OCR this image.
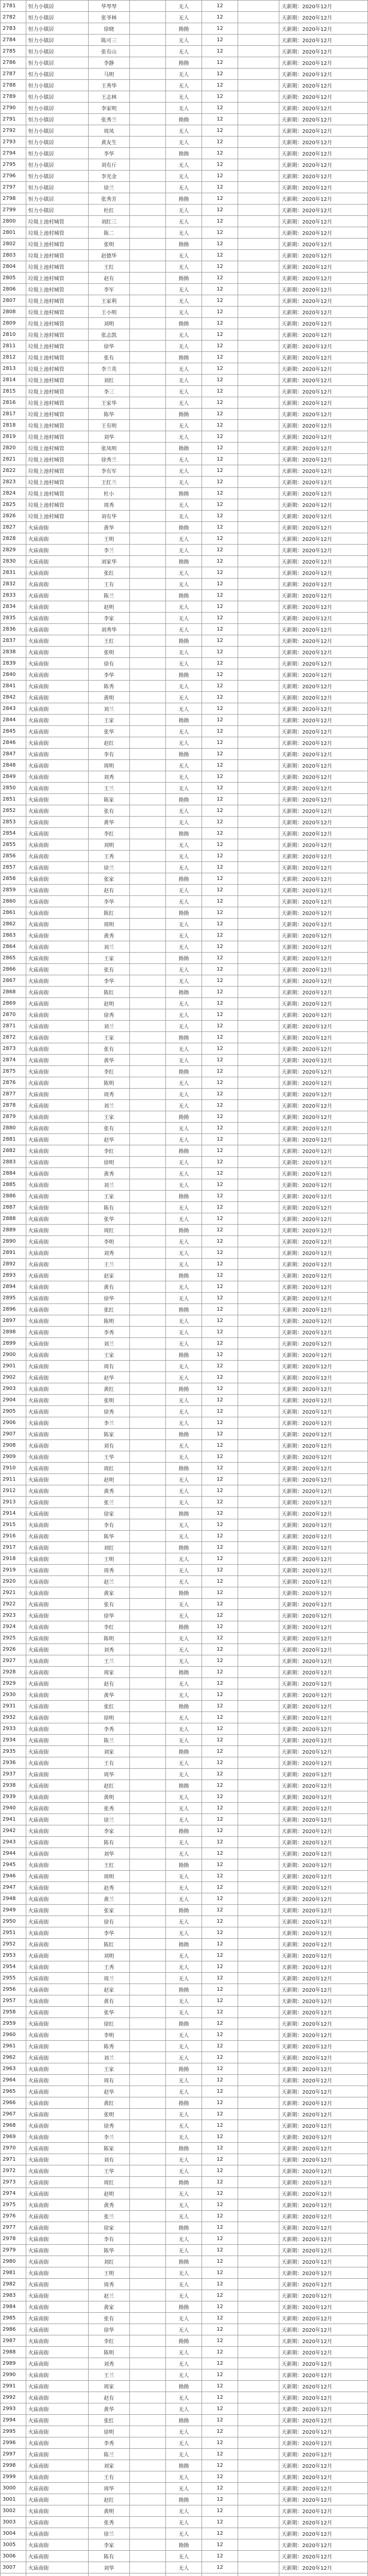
2781	恒力小镇居	华琴琴		无人	12		天新期：2020年12月
2782	恒力小镇居	张爷林		无人	12		天新期：2020年12月
2783	恒力小镇居	徐晓		拗拗	12		天新期：2020年12月
2784	恒力小镇居	陈可三		无人	12		天新期：2020年12月
2785	恒力小镇居	张有山		无人	12		天新期：2020年12月
2786	恒力小镇居	李静		拗拗	12		天新期：2020年12月
2787	恒力小镇居	马明		无人	12		天新期：2020年12月
2788	恒力小镇居	王秀华		无人	12		天新期：2020年12月
2789	恒力小镇居	王志林		无人	12		天新期：2020年12月
2790	恒力小镇居	李家明		无人	12		天新期：2020年12月
2791	恒力小镇居	张秀兰		拗拗	12		天新期：2020年12月
2792	恒力小镇居	周凤		无人	12		天新期：2020年12月
2793	恒力小镇居	黄友生		无人	12		天新期：2020年12月
2794	恒力小镇居	李华		拗拗	12		天新期：2020年12月
2795	恒力小镇居	刘有斤		无人	12		天新期：2020年12月
2796	恒力小镇居	李光金		无人	12		天新期：2020年12月
2797	恒力小镇居	徐兰		无人	12		天新期：2020年12月
2798	恒力小镇居	张秀芳		拗拗	12		天新期：2020年12月
2799	恒力小镇居	杜红		无人	12		天新期：2020年12月
2800	垃圾上池村城管	刘红三		无人	12		天新期：2020年12月
2801	垃圾上池村城管	陈二		无人	12		天新期：2020年12月
2802	垃圾上池村城管	张明		拗拗	12		天新期：2020年12月
2803	垃圾上池村城管	赵德华		无人	12		天新期：2020年12月
2804	垃圾上池村城管	王红		无人	12		天新期：2020年12月
2805	垃圾上池村城管	赵有		拗拗	12		天新期：2020年12月
2806	垃圾上池村城管	李军		无人	12		天新期：2020年12月
2807	垃圾上池村城管	王家利		无人	12		天新期：2020年12月
2808	垃圾上池村城管	王小明		无人	12		天新期：2020年12月
2809	垃圾上池村城管	刘明		拗拗	12		天新期：2020年12月
2810	垃圾上池村城管	张志凯		无人	12		天新期：2020年12月
2811	垃圾上池村城管	徐华		无人	12		天新期：2020年12月
2812	垃圾上池村城管	张有		拗拗	12		天新期：2020年12月
2813	垃圾上池村城管	李兰英		无人	12		天新期：2020年12月
2814	垃圾上池村城管	刘红		无人	12		天新期：2020年12月
2815	垃圾上池村城管	李三		无人	12		天新期：2020年12月
2816	垃圾上池村城管	王家华		无人	12		天新期：2020年12月
2817	垃圾上池村城管	陈华		拗拗	12		天新期：2020年12月
2818	垃圾上池村城管	王有明		无人	12		天新期：2020年12月
2819	垃圾上池村城管	刘华		无人	12		天新期：2020年12月
2820	垃圾上池村城管	张凤明		拗拗	12		天新期：2020年12月
2821	垃圾上池村城管	徐秀兰		无人	12		天新期：2020年12月
2822	垃圾上池村城管	李有军		无人	12		天新期：2020年12月
2823	垃圾上池村城管	王红兰		无人	12		天新期：2020年12月
2824	垃圾上池村城管	杜小		拗拗	12		天新期：2020年12月
2825	垃圾上池村城管	周秀		无人	12		天新期：2020年12月
2826	垃圾上池村城管	刘有华		无人	12		天新期：2020年12月
2827	火庙南街	黄华		拗拗	12		天新期：2020年12月
2828	火庙南街	王明		无人	12		天新期：2020年12月
2829	火庙南街	李兰		无人	12		天新期：2020年12月
2830	火庙南街	刘家华		拗拗	12		天新期：2020年12月
2831	火庙南街	张红		无人	12		天新期：2020年12月
2832	火庙南街	王有		无人	12		天新期：2020年12月
2833	火庙南街	陈兰		拗拗	12		天新期：2020年12月
2834	火庙南街	赵明		无人	12		天新期：2020年12月
2835	火庙南街	李家		无人	12		天新期：2020年12月
2836	火庙南街	刘秀华		无人	12		天新期：2020年12月
2837	火庙南街	王红		拗拗	12		天新期：2020年12月
2838	火庙南街	张明		无人	12		天新期：2020年12月
2839	火庙南街	徐有		无人	12		天新期：2020年12月
2840	火庙南街	李华		拗拗	12		天新期：2020年12月
2841	火庙南街	陈秀		无人	12		天新期：2020年12月
2842	火庙南街	黄明		无人	12		天新期：2020年12月
2843	火庙南街	刘兰		无人	12		天新期：2020年12月
2844	火庙南街	王家		拗拗	12		天新期：2020年12月
2845	火庙南街	张华		无人	12		天新期：2020年12月
2846	火庙南街	赵红		无人	12		天新期：2020年12月
2847	火庙南街	李有		拗拗	12		天新期：2020年12月
2848	火庙南街	周明		无人	12		天新期：2020年12月
2849	火庙南街	刘秀		无人	12		天新期：2020年12月
2850	火庙南街	王兰		无人	12		天新期：2020年12月
2851	火庙南街	陈家		拗拗	12		天新期：2020年12月
2852	火庙南街	张有		无人	12		天新期：2020年12月
2853	火庙南街	黄华		无人	12		天新期：2020年12月
2854	火庙南街	李红		拗拗	12		天新期：2020年12月
2855	火庙南街	刘明		无人	12		天新期：2020年12月
2856	火庙南街	王秀		无人	12		天新期：2020年12月
2857	火庙南街	徐兰		无人	12		天新期：2020年12月
2858	火庙南街	张家		拗拗	12		天新期：2020年12月
2859	火庙南街	赵有		无人	12		天新期：2020年12月
2860	火庙南街	李华		无人	12		天新期：2020年12月
2861	火庙南街	陈红		拗拗	12		天新期：2020年12月
2862	火庙南街	周明		无人	12		天新期：2020年12月
2863	火庙南街	黄秀		无人	12		天新期：2020年12月
2864	火庙南街	刘兰		无人	12		天新期：2020年12月
2865	火庙南街	王家		拗拗	12		天新期：2020年12月
2866	火庙南街	张有		无人	12		天新期：2020年12月
2867	火庙南街	李华		无人	12		天新期：2020年12月
2868	火庙南街	陈红		拗拗	12		天新期：2020年12月
2869	火庙南街	赵明		无人	12		天新期：2020年12月
2870	火庙南街	徐秀		无人	12		天新期：2020年12月
2871	火庙南街	刘兰		无人	12		天新期：2020年12月
2872	火庙南街	王家		拗拗	12		天新期：2020年12月
2873	火庙南街	张有		无人	12		天新期：2020年12月
2874	火庙南街	黄华		无人	12		天新期：2020年12月
2875	火庙南街	李红		拗拗	12		天新期：2020年12月
2876	火庙南街	陈明		无人	12		天新期：2020年12月
2877	火庙南街	周秀		无人	12		天新期：2020年12月
2878	火庙南街	刘兰		无人	12		天新期：2020年12月
2879	火庙南街	王家		拗拗	12		天新期：2020年12月
2880	火庙南街	张有		无人	12		天新期：2020年12月
2881	火庙南街	赵华		无人	12		天新期：2020年12月
2882	火庙南街	李红		拗拗	12		天新期：2020年12月
2883	火庙南街	徐明		无人	12		天新期：2020年12月
2884	火庙南街	黄秀		无人	12		天新期：2020年12月
2885	火庙南街	刘兰		无人	12		天新期：2020年12月
2886	火庙南街	王家		拗拗	12		天新期：2020年12月
2887	火庙南街	陈有		无人	12		天新期：2020年12月
2888	火庙南街	张华		无人	12		天新期：2020年12月
2889	火庙南街	周红		拗拗	12		天新期：2020年12月
2890	火庙南街	李明		无人	12		天新期：2020年12月
2891	火庙南街	刘秀		无人	12		天新期：2020年12月
2892	火庙南街	王兰		无人	12		天新期：2020年12月
2893	火庙南街	赵家		拗拗	12		天新期：2020年12月
2894	火庙南街	黄有		无人	12		天新期：2020年12月
2895	火庙南街	徐华		无人	12		天新期：2020年12月
2896	火庙南街	张红		拗拗	12		天新期：2020年12月
2897	火庙南街	陈明		无人	12		天新期：2020年12月
2898	火庙南街	李秀		无人	12		天新期：2020年12月
2899	火庙南街	刘兰		无人	12		天新期：2020年12月
2900	火庙南街	王家		拗拗	12		天新期：2020年12月
2901	火庙南街	周有		无人	12		天新期：2020年12月
2902	火庙南街	赵华		无人	12		天新期：2020年12月
2903	火庙南街	黄红		拗拗	12		天新期：2020年12月
2904	火庙南街	张明		无人	12		天新期：2020年12月
2905	火庙南街	徐秀		无人	12		天新期：2020年12月
2906	火庙南街	李兰		无人	12		天新期：2020年12月
2907	火庙南街	陈家		拗拗	12		天新期：2020年12月
2908	火庙南街	刘有		无人	12		天新期：2020年12月
2909	火庙南街	王华		无人	12		天新期：2020年12月
2910	火庙南街	周红		拗拗	12		天新期：2020年12月
2911	火庙南街	赵明		无人	12		天新期：2020年12月
2912	火庙南街	黄秀		无人	12		天新期：2020年12月
2913	火庙南街	张兰		无人	12		天新期：2020年12月
2914	火庙南街	徐家		拗拗	12		天新期：2020年12月
2915	火庙南街	李有		无人	12		天新期：2020年12月
2916	火庙南街	陈华		无人	12		天新期：2020年12月
2917	火庙南街	刘红		拗拗	12		天新期：2020年12月
2918	火庙南街	王明		无人	12		天新期：2020年12月
2919	火庙南街	周秀		无人	12		天新期：2020年12月
2920	火庙南街	赵兰		无人	12		天新期：2020年12月
2921	火庙南街	黄家		拗拗	12		天新期：2020年12月
2922	火庙南街	张有		无人	12		天新期：2020年12月
2923	火庙南街	徐华		无人	12		天新期：2020年12月
2924	火庙南街	李红		拗拗	12		天新期：2020年12月
2925	火庙南街	陈明		无人	12		天新期：2020年12月
2926	火庙南街	刘秀		无人	12		天新期：2020年12月
2927	火庙南街	王兰		无人	12		天新期：2020年12月
2928	火庙南街	周家		拗拗	12		天新期：2020年12月
2929	火庙南街	赵有		无人	12		天新期：2020年12月
2930	火庙南街	黄华		无人	12		天新期：2020年12月
2931	火庙南街	张红		拗拗	12		天新期：2020年12月
2932	火庙南街	徐明		无人	12		天新期：2020年12月
2933	火庙南街	李秀		无人	12		天新期：2020年12月
2934	火庙南街	陈兰		无人	12		天新期：2020年12月
2935	火庙南街	刘家		拗拗	12		天新期：2020年12月
2936	火庙南街	王有		无人	12		天新期：2020年12月
2937	火庙南街	周华		无人	12		天新期：2020年12月
2938	火庙南街	赵红		拗拗	12		天新期：2020年12月
2939	火庙南街	黄明		无人	12		天新期：2020年12月
2940	火庙南街	张秀		无人	12		天新期：2020年12月
2941	火庙南街	徐兰		无人	12		天新期：2020年12月
2942	火庙南街	李家		拗拗	12		天新期：2020年12月
2943	火庙南街	陈有		无人	12		天新期：2020年12月
2944	火庙南街	刘华		无人	12		天新期：2020年12月
2945	火庙南街	王红		拗拗	12		天新期：2020年12月
2946	火庙南街	周明		无人	12		天新期：2020年12月
2947	火庙南街	赵秀		无人	12		天新期：2020年12月
2948	火庙南街	黄兰		无人	12		天新期：2020年12月
2949	火庙南街	张家		拗拗	12		天新期：2020年12月
2950	火庙南街	徐有		无人	12		天新期：2020年12月
2951	火庙南街	李华		无人	12		天新期：2020年12月
2952	火庙南街	陈红		拗拗	12		天新期：2020年12月
2953	火庙南街	刘明		无人	12		天新期：2020年12月
2954	火庙南街	王秀		无人	12		天新期：2020年12月
2955	火庙南街	周兰		无人	12		天新期：2020年12月
2956	火庙南街	赵家		拗拗	12		天新期：2020年12月
2957	火庙南街	黄有		无人	12		天新期：2020年12月
2958	火庙南街	张华		无人	12		天新期：2020年12月
2959	火庙南街	徐红		拗拗	12		天新期：2020年12月
2960	火庙南街	李明		无人	12		天新期：2020年12月
2961	火庙南街	陈秀		无人	12		天新期：2020年12月
2962	火庙南街	刘兰		无人	12		天新期：2020年12月
2963	火庙南街	王家		拗拗	12		天新期：2020年12月
2964	火庙南街	周有		无人	12		天新期：2020年12月
2965	火庙南街	赵华		无人	12		天新期：2020年12月
2966	火庙南街	黄红		拗拗	12		天新期：2020年12月
2967	火庙南街	张明		无人	12		天新期：2020年12月
2968	火庙南街	徐秀		无人	12		天新期：2020年12月
2969	火庙南街	李兰		无人	12		天新期：2020年12月
2970	火庙南街	陈家		拗拗	12		天新期：2020年12月
2971	火庙南街	刘有		无人	12		天新期：2020年12月
2972	火庙南街	王华		无人	12		天新期：2020年12月
2973	火庙南街	周红		拗拗	12		天新期：2020年12月
2974	火庙南街	赵明		无人	12		天新期：2020年12月
2975	火庙南街	黄秀		无人	12		天新期：2020年12月
2976	火庙南街	张兰		无人	12		天新期：2020年12月
2977	火庙南街	徐家		拗拗	12		天新期：2020年12月
2978	火庙南街	李有		无人	12		天新期：2020年12月
2979	火庙南街	陈华		无人	12		天新期：2020年12月
2980	火庙南街	刘红		拗拗	12		天新期：2020年12月
2981	火庙南街	王明		无人	12		天新期：2020年12月
2982	火庙南街	周秀		无人	12		天新期：2020年12月
2983	火庙南街	赵兰		无人	12		天新期：2020年12月
2984	火庙南街	黄家		拗拗	12		天新期：2020年12月
2985	火庙南街	张有		无人	12		天新期：2020年12月
2986	火庙南街	徐华		无人	12		天新期：2020年12月
2987	火庙南街	李红		拗拗	12		天新期：2020年12月
2988	火庙南街	陈明		无人	12		天新期：2020年12月
2989	火庙南街	刘秀		无人	12		天新期：2020年12月
2990	火庙南街	王兰		无人	12		天新期：2020年12月
2991	火庙南街	周家		拗拗	12		天新期：2020年12月
2992	火庙南街	赵有		无人	12		天新期：2020年12月
2993	火庙南街	黄华		无人	12		天新期：2020年12月
2994	火庙南街	张红		拗拗	12		天新期：2020年12月
2995	火庙南街	徐明		无人	12		天新期：2020年12月
2996	火庙南街	李秀		无人	12		天新期：2020年12月
2997	火庙南街	陈兰		无人	12		天新期：2020年12月
2998	火庙南街	刘家		拗拗	12		天新期：2020年12月
2999	火庙南街	王有		无人	12		天新期：2020年12月
3000	火庙南街	周华		无人	12		天新期：2020年12月
3001	火庙南街	赵红		拗拗	12		天新期：2020年12月
3002	火庙南街	黄明		无人	12		天新期：2020年12月
3003	火庙南街	张秀		无人	12		天新期：2020年12月
3004	火庙南街	徐兰		无人	12		天新期：2020年12月
3005	火庙南街	李家		拗拗	12		天新期：2020年12月
3006	火庙南街	陈有		无人	12		天新期：2020年12月
3007	火庙南街	刘华		无人	12		天新期：2020年12月
